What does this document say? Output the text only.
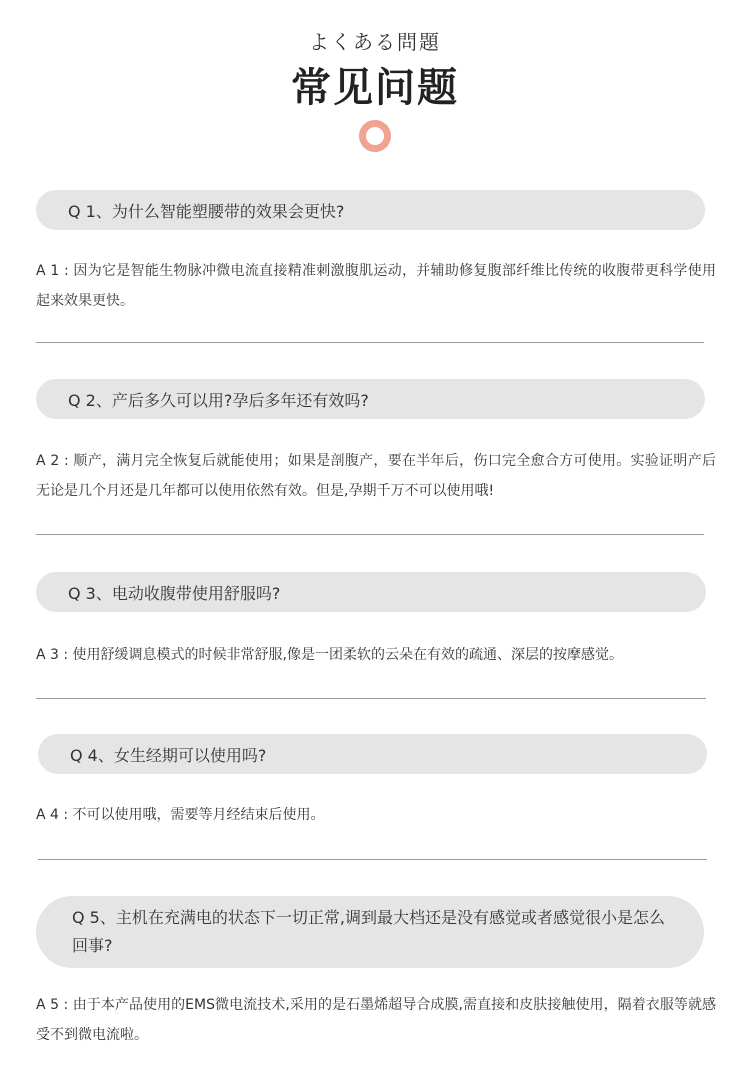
よくある問題
常见问题
Q 1、为什么智能塑腰带的效果会更快?
A 1 : 因为它是智能生物脉冲微电流直接精准刺激腹肌运动，并辅助修复腹部纤维比传统的收腹带更科学使用起来效果更快。
Q 2、产后多久可以用?孕后多年还有效吗?
A 2 : 顺产，满月完全恢复后就能使用；如果是剖腹产，要在半年后，伤口完全愈合方可使用。实验证明产后无论是几个月还是几年都可以使用依然有效。但是,孕期千万不可以使用哦!
Q 3、电动收腹带使用舒服吗?
A 3 : 使用舒缓调息模式的时候非常舒服,像是一团柔软的云朵在有效的疏通、深层的按摩感觉。
Q 4、女生经期可以使用吗?
A 4 : 不可以使用哦，需要等月经结束后使用。
Q 5、主机在充满电的状态下一切正常,调到最大档还是没有感觉或者感觉很小是怎么回事?
A 5 : 由于本产品使用的EMS微电流技术,采用的是石墨烯超导合成膜,需直接和皮肤接触使用，隔着衣服等就感受不到微电流啦。
